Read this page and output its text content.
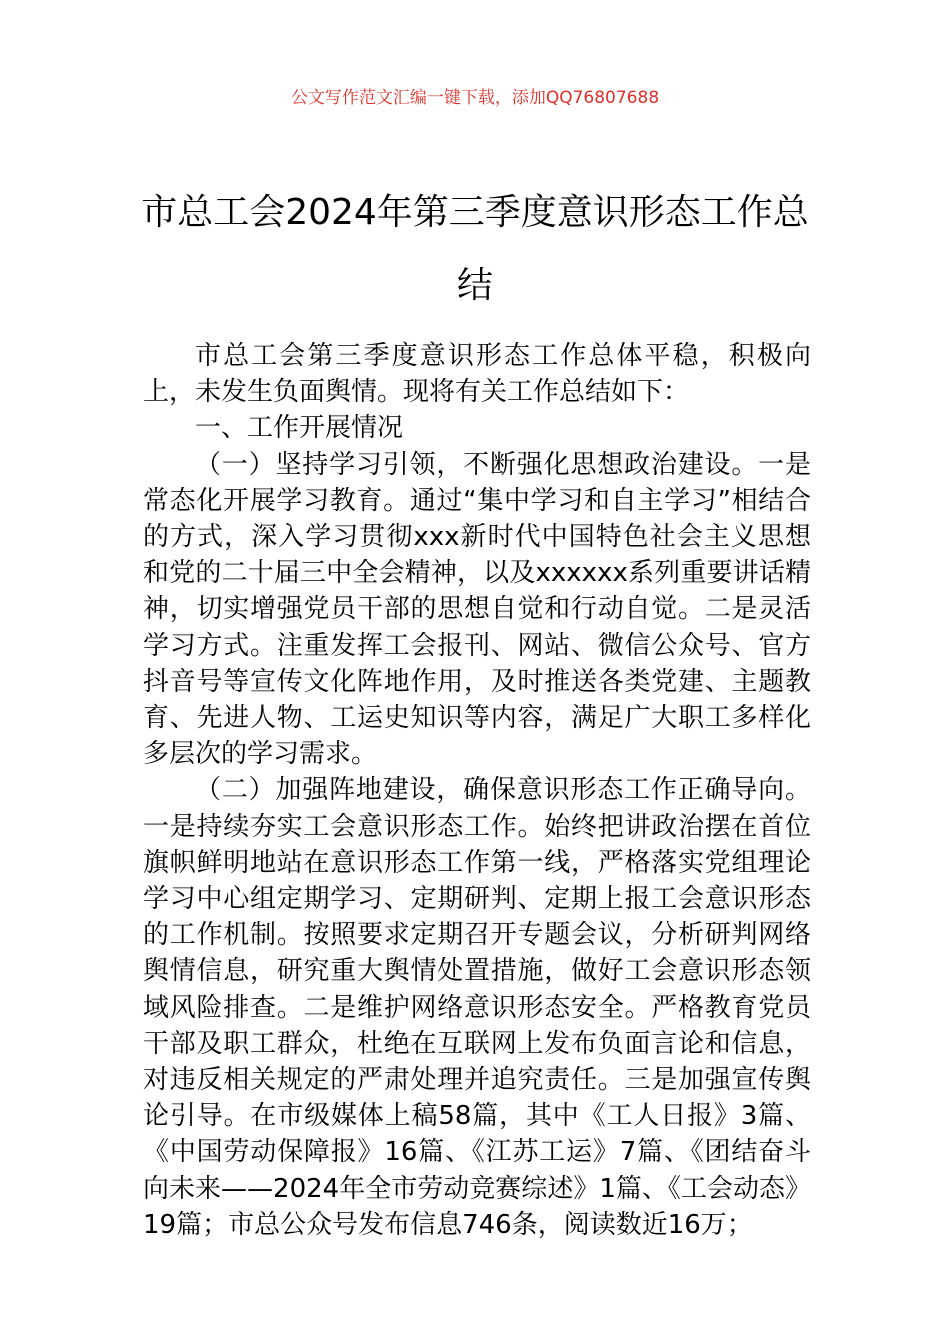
公文写作范文汇编一键下载，添加QQ76807688
市总工会2024年第三季度意识形态工作总
结

市总工会第三季度意识形态工作总体平稳，积极向上，未发生负面舆情。现将有关工作总结如下：

一、工作开展情况

（一）坚持学习引领，不断强化思想政治建设。一是常态化开展学习教育。通过“集中学习和自主学习”相结合的方式，深入学习贯彻xxx新时代中国特色社会主义思想和党的二十届三中全会精神，以及xxxxxx系列重要讲话精神，切实增强党员干部的思想自觉和行动自觉。二是灵活学习方式。注重发挥工会报刊、网站、微信公众号、官方抖音号等宣传文化阵地作用，及时推送各类党建、主题教育、先进人物、工运史知识等内容，满足广大职工多样化多层次的学习需求。

（二）加强阵地建设，确保意识形态工作正确导向。一是持续夯实工会意识形态工作。始终把讲政治摆在首位旗帜鲜明地站在意识形态工作第一线，严格落实党组理论学习中心组定期学习、定期研判、定期上报工会意识形态的工作机制。按照要求定期召开专题会议，分析研判网络舆情信息，研究重大舆情处置措施，做好工会意识形态领域风险排查。二是维护网络意识形态安全。严格教育党员干部及职工群众，杜绝在互联网上发布负面言论和信息，对违反相关规定的严肃处理并追究责任。三是加强宣传舆论引导。在市级媒体上稿58篇，其中《工人日报》3篇、《中国劳动保障报》16篇、《江苏工运》7篇、《团结奋斗向未来——2024年全市劳动竞赛综述》1篇、《工会动态》19篇；市总公众号发布信息746条，阅读数近16万；
